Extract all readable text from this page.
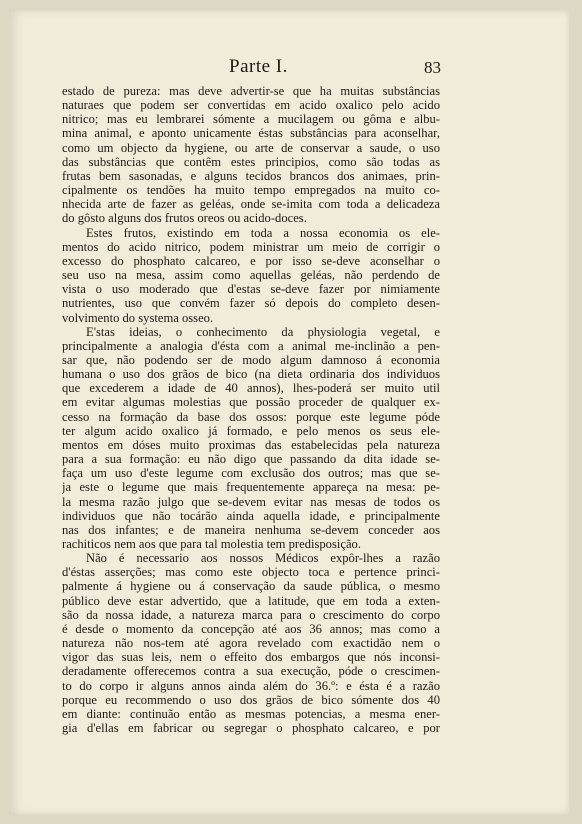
Parte I.	83
estado de pureza: mas deve advertir-se que ha muitas substâncias
naturaes que podem ser convertidas em acido oxalico pelo acido
nitrico; mas eu lembrarei sómente a mucilagem ou gôma e albu-
mina animal, e aponto unicamente éstas substâncias para aconselhar,
como um objecto da hygiene, ou arte de conservar a saude, o uso
das substâncias que contêm estes principios, como são todas as
frutas bem sasonadas, e alguns tecidos brancos dos animaes, prin-
cipalmente os tendões ha muito tempo empregados na muito co-
nhecida arte de fazer as geléas, onde se-imita com toda a delicadeza
do gôsto alguns dos frutos oreos ou acido-doces.
Estes frutos, existindo em toda a nossa economia os ele-
mentos do acido nitrico, podem ministrar um meio de corrigir o
excesso do phosphato calcareo, e por isso se-deve aconselhar o
seu uso na mesa, assim como aquellas geléas, não perdendo de
vista o uso moderado que d'estas se-deve fazer por nimiamente
nutrientes, uso que convém fazer só depois do completo desen-
volvimento do systema osseo.
E'stas ideias, o conhecimento da physiologia vegetal, e
principalmente a analogia d'ésta com a animal me-inclinão a pen-
sar que, não podendo ser de modo algum damnoso á economia
humana o uso dos grãos de bico (na dieta ordinaria dos individuos
que excederem a idade de 40 annos), lhes-poderá ser muito util
em evitar algumas molestias que possão proceder de qualquer ex-
cesso na formação da base dos ossos: porque este legume póde
ter algum acido oxalico já formado, e pelo menos os seus ele-
mentos em dóses muito proximas das estabelecidas pela natureza
para a sua formação: eu não digo que passando da dita idade se-
faça um uso d'este legume com exclusão dos outros; mas que se-
ja este o legume que mais frequentemente appareça na mesa: pe-
la mesma razão julgo que se-devem evitar nas mesas de todos os
individuos que não tocárão ainda aquella idade, e principalmente
nas dos infantes; e de maneira nenhuma se-devem conceder aos
rachiticos nem aos que para tal molestia tem predisposição.
Não é necessario aos nossos Médicos expôr-lhes a razão
d'éstas asserções; mas como este objecto toca e pertence princi-
palmente á hygiene ou á conservação da saude pública, o mesmo
público deve estar advertido, que a latitude, que em toda a exten-
são da nossa idade, a natureza marca para o crescimento do corpo
é desde o momento da concepção até aos 36 annos; mas como a
natureza não nos-tem até agora revelado com exactidão nem o
vigor das suas leis, nem o effeito dos embargos que nós inconsi-
deradamente offerecemos contra a sua execução, póde o crescimen-
to do corpo ir alguns annos ainda além do 36.º: e ésta é a razão
porque eu recommendo o uso dos grãos de bico sómente dos 40
em diante: continuão então as mesmas potencias, a mesma ener-
gia d'ellas em fabricar ou segregar o phosphato calcareo, e por
